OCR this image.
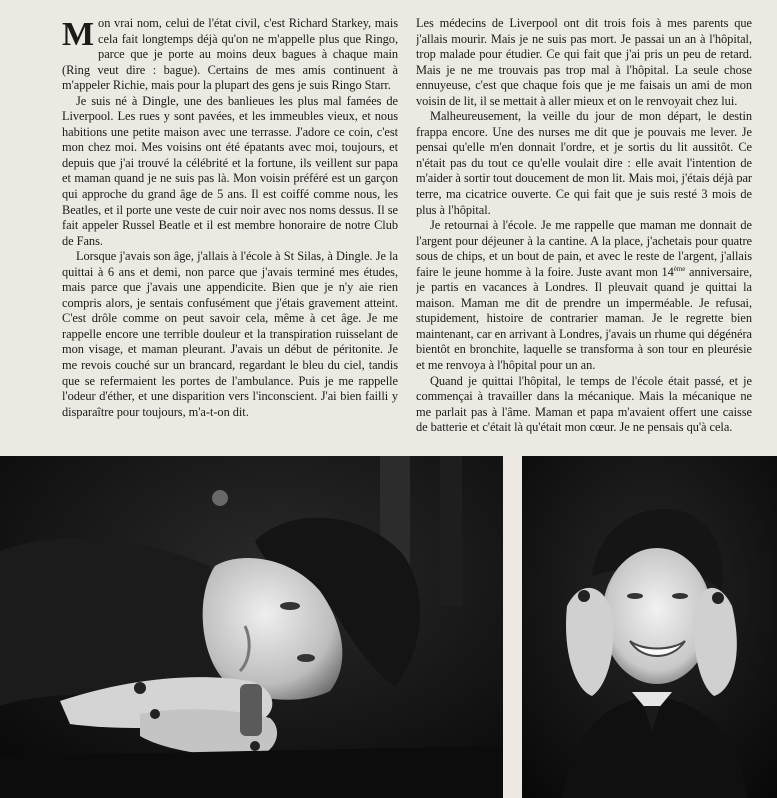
Mon vrai nom, celui de l'état civil, c'est Richard Starkey, mais cela fait longtemps déjà qu'on ne m'appelle plus que Ringo, parce que je porte au moins deux bagues à chaque main (Ring veut dire : bague). Certains de mes amis continuent à m'appeler Richie, mais pour la plupart des gens je suis Ringo Starr.

Je suis né à Dingle, une des banlieues les plus mal famées de Liverpool. Les rues y sont pavées, et les immeubles vieux, et nous habitions une petite maison avec une terrasse. J'adore ce coin, c'est mon chez moi. Mes voisins ont été épatants avec moi, toujours, et depuis que j'ai trouvé la célébrité et la fortune, ils veillent sur papa et maman quand je ne suis pas là. Mon voisin préféré est un garçon qui approche du grand âge de 5 ans. Il est coiffé comme nous, les Beatles, et il porte une veste de cuir noir avec nos noms dessus. Il se fait appeler Russel Beatle et il est membre honoraire de notre Club de Fans.

Lorsque j'avais son âge, j'allais à l'école à St Silas, à Dingle. Je la quittai à 6 ans et demi, non parce que j'avais terminé mes études, mais parce que j'avais une appendicite. Bien que je n'y aie rien compris alors, je sentais confusément que j'étais gravement atteint. C'est drôle comme on peut savoir cela, même à cet âge. Je me rappelle encore une terrible douleur et la transpiration ruisselant de mon visage, et maman pleurant. J'avais un début de péritonite. Je me revois couché sur un brancard, regardant le bleu du ciel, tandis que se refermaient les portes de l'ambulance. Puis je me rappelle l'odeur d'éther, et une disparition vers l'inconscient. J'ai bien failli y disparaître pour toujours, m'a-t-on dit.

Les médecins de Liverpool ont dit trois fois à mes parents que j'allais mourir. Mais je ne suis pas mort. Je passai un an à l'hôpital, trop malade pour étudier. Ce qui fait que j'ai pris un peu de retard. Mais je ne me trouvais pas trop mal à l'hôpital. La seule chose ennuyeuse, c'est que chaque fois que je me faisais un ami de mon voisin de lit, il se mettait à aller mieux et on le renvoyait chez lui.

Malheureusement, la veille du jour de mon départ, le destin frappa encore. Une des nurses me dit que je pouvais me lever. Je pensai qu'elle m'en donnait l'ordre, et je sortis du lit aussitôt. Ce n'était pas du tout ce qu'elle voulait dire : elle avait l'intention de m'aider à sortir tout doucement de mon lit. Mais moi, j'étais déjà par terre, ma cicatrice ouverte. Ce qui fait que je suis resté 3 mois de plus à l'hôpital.

Je retournai à l'école. Je me rappelle que maman me donnait de l'argent pour déjeuner à la cantine. A la place, j'achetais pour quatre sous de chips, et un bout de pain, et avec le reste de l'argent, j'allais faire le jeune homme à la foire. Juste avant mon 14ème anniversaire, je partis en vacances à Londres. Il pleuvait quand je quittai la maison. Maman me dit de prendre un imperméable. Je refusai, stupidement, histoire de contrarier maman. Je le regrette bien maintenant, car en arrivant à Londres, j'avais un rhume qui dégénéra bientôt en bronchite, laquelle se transforma à son tour en pleurésie et me renvoya à l'hôpital pour un an.

Quand je quittai l'hôpital, le temps de l'école était passé, et je commençai à travailler dans la mécanique. Mais la mécanique ne me parlait pas à l'âme. Maman et papa m'avaient offert une caisse de batterie et c'était là qu'était mon cœur. Je ne pensais qu'à cela.
